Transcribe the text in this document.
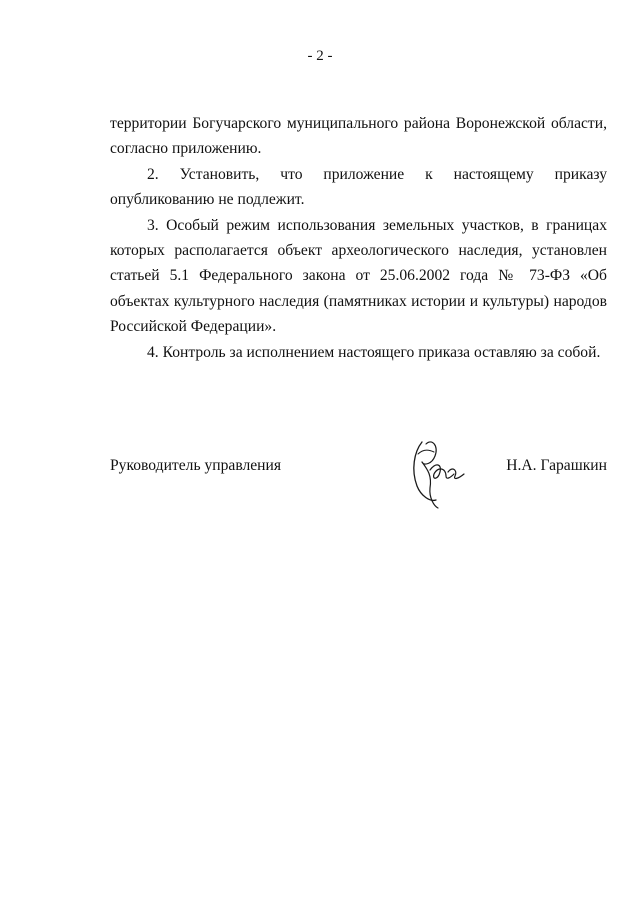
- 2 -

территории Богучарского муниципального района Воронежской области, согласно приложению.

2. Установить, что приложение к настоящему приказу опубликованию не подлежит.

3. Особый режим использования земельных участков, в границах которых располагается объект археологического наследия, установлен статьей 5.1 Федерального закона от 25.06.2002 года № 73-ФЗ «Об объектах культурного наследия (памятниках истории и культуры) народов Российской Федерации».

4. Контроль за исполнением настоящего приказа оставляю за собой.

Руководитель управления	Н.А. Гарашкин
